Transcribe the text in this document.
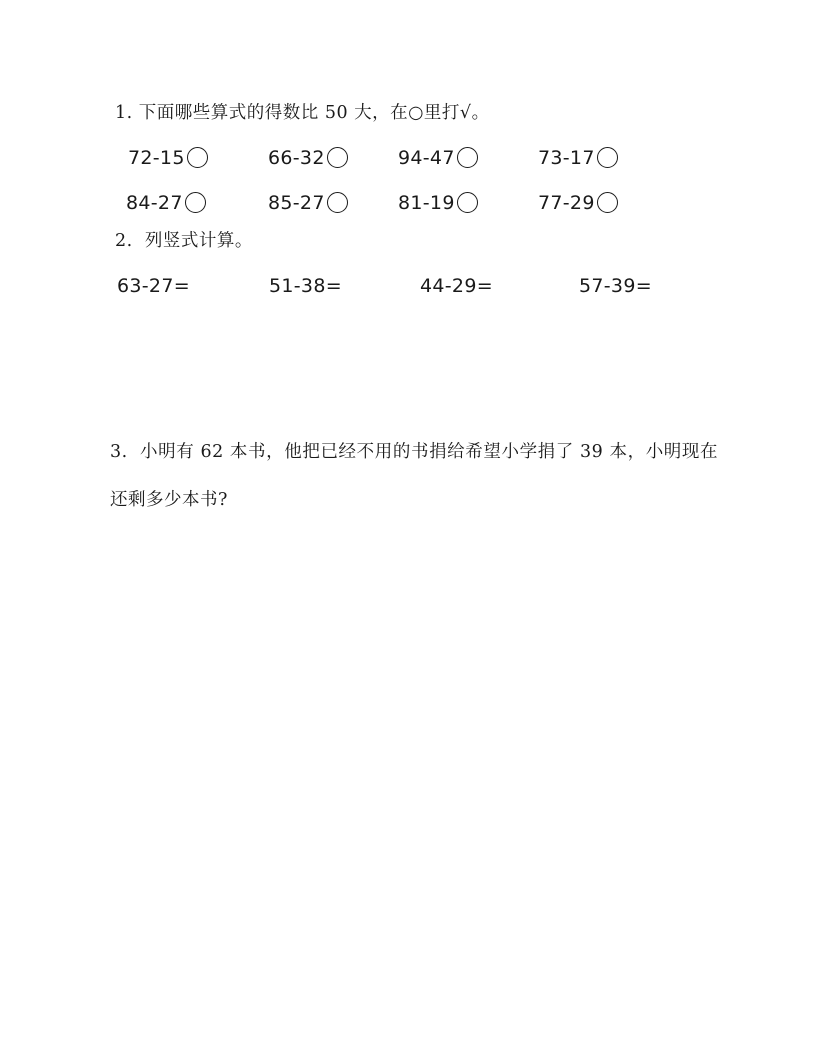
1. 下面哪些算式的得数比 50 大，在○里打√。
72-15	66-32	94-47	73-17
84-27	85-27	81-19	77-29
2.  列竖式计算。
63-27=	51-38=	44-29=	57-39=
3.  小明有 62 本书，他把已经不用的书捐给希望小学捐了 39 本，小明现在还剩多少本书?
